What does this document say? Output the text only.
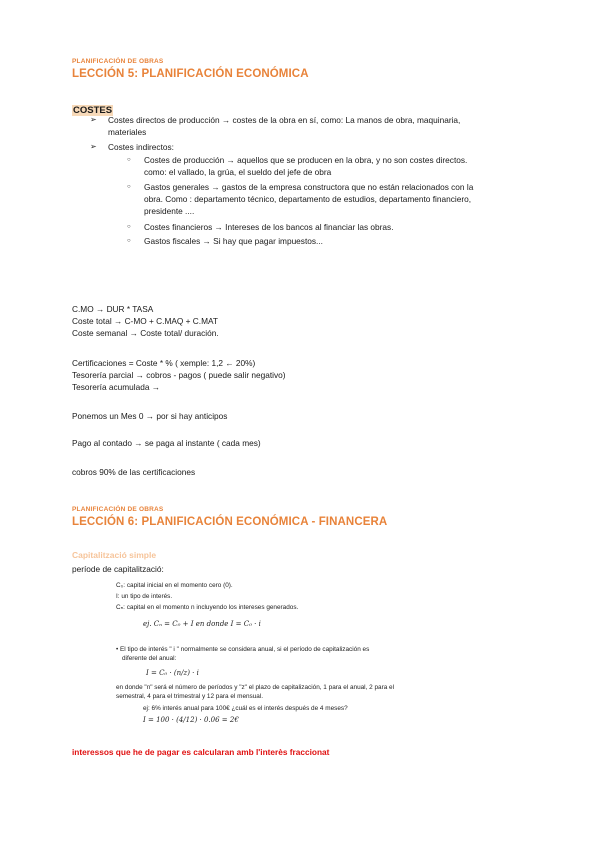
PLANIFICACIÓN DE OBRAS
LECCIÓN 5: PLANIFICACIÓN ECONÓMICA
COSTES
➢ Costes directos de producción → costes de la obra en sí, como: La manos de obra, maquinaria,
materiales
➢ Costes indirectos:
○ Costes de producción → aquellos que se producen en la obra, y no son costes directos.
como: el vallado, la grúa, el sueldo del jefe de obra
○ Gastos generales → gastos de la empresa constructora que no están relacionados con la
obra. Como : departamento técnico, departamento de estudios, departamento financiero,
presidente ....
○ Costes financieros → Intereses de los bancos al financiar las obras.
○ Gastos fiscales → Si hay que pagar impuestos...
C.MO → DUR * TASA
Coste total → C-MO + C.MAQ + C.MAT
Coste semanal → Coste total/ duración.
Certificaciones = Coste * % ( xemple: 1,2 ← 20%)
Tesorería parcial → cobros - pagos ( puede salir negativo)
Tesorería acumulada →
Ponemos un Mes 0 → por si hay anticipos
Pago al contado → se paga al instante ( cada mes)
cobros 90% de las certificaciones
PLANIFICACIÓN DE OBRAS
LECCIÓN 6: PLANIFICACIÓN ECONÓMICA - FINANCERA
Capitalització simple
període de capitalització:
C₀: capital inicial en el momento cero (0).
I: un tipo de interés.
Cₙ: capital en el momento n incluyendo los intereses generados.
ej. Cₙ = C₀ + I en donde I = C₀ · i
• El tipo de interés " i " normalmente se considera anual, si el período de capitalización es
diferente del anual:
I = C₀ · (n/z) · i
en donde "n" será el número de períodos y "z" el plazo de capitalización, 1 para el anual, 2 para el
semestral, 4 para el trimestral y 12 para el mensual.
ej: 6% interés anual para 100€ ¿cuál es el interés después de 4 meses?
I = 100 · (4/12) · 0.06 = 2€
interessos que he de pagar es calcularan amb l'interès fraccionat
